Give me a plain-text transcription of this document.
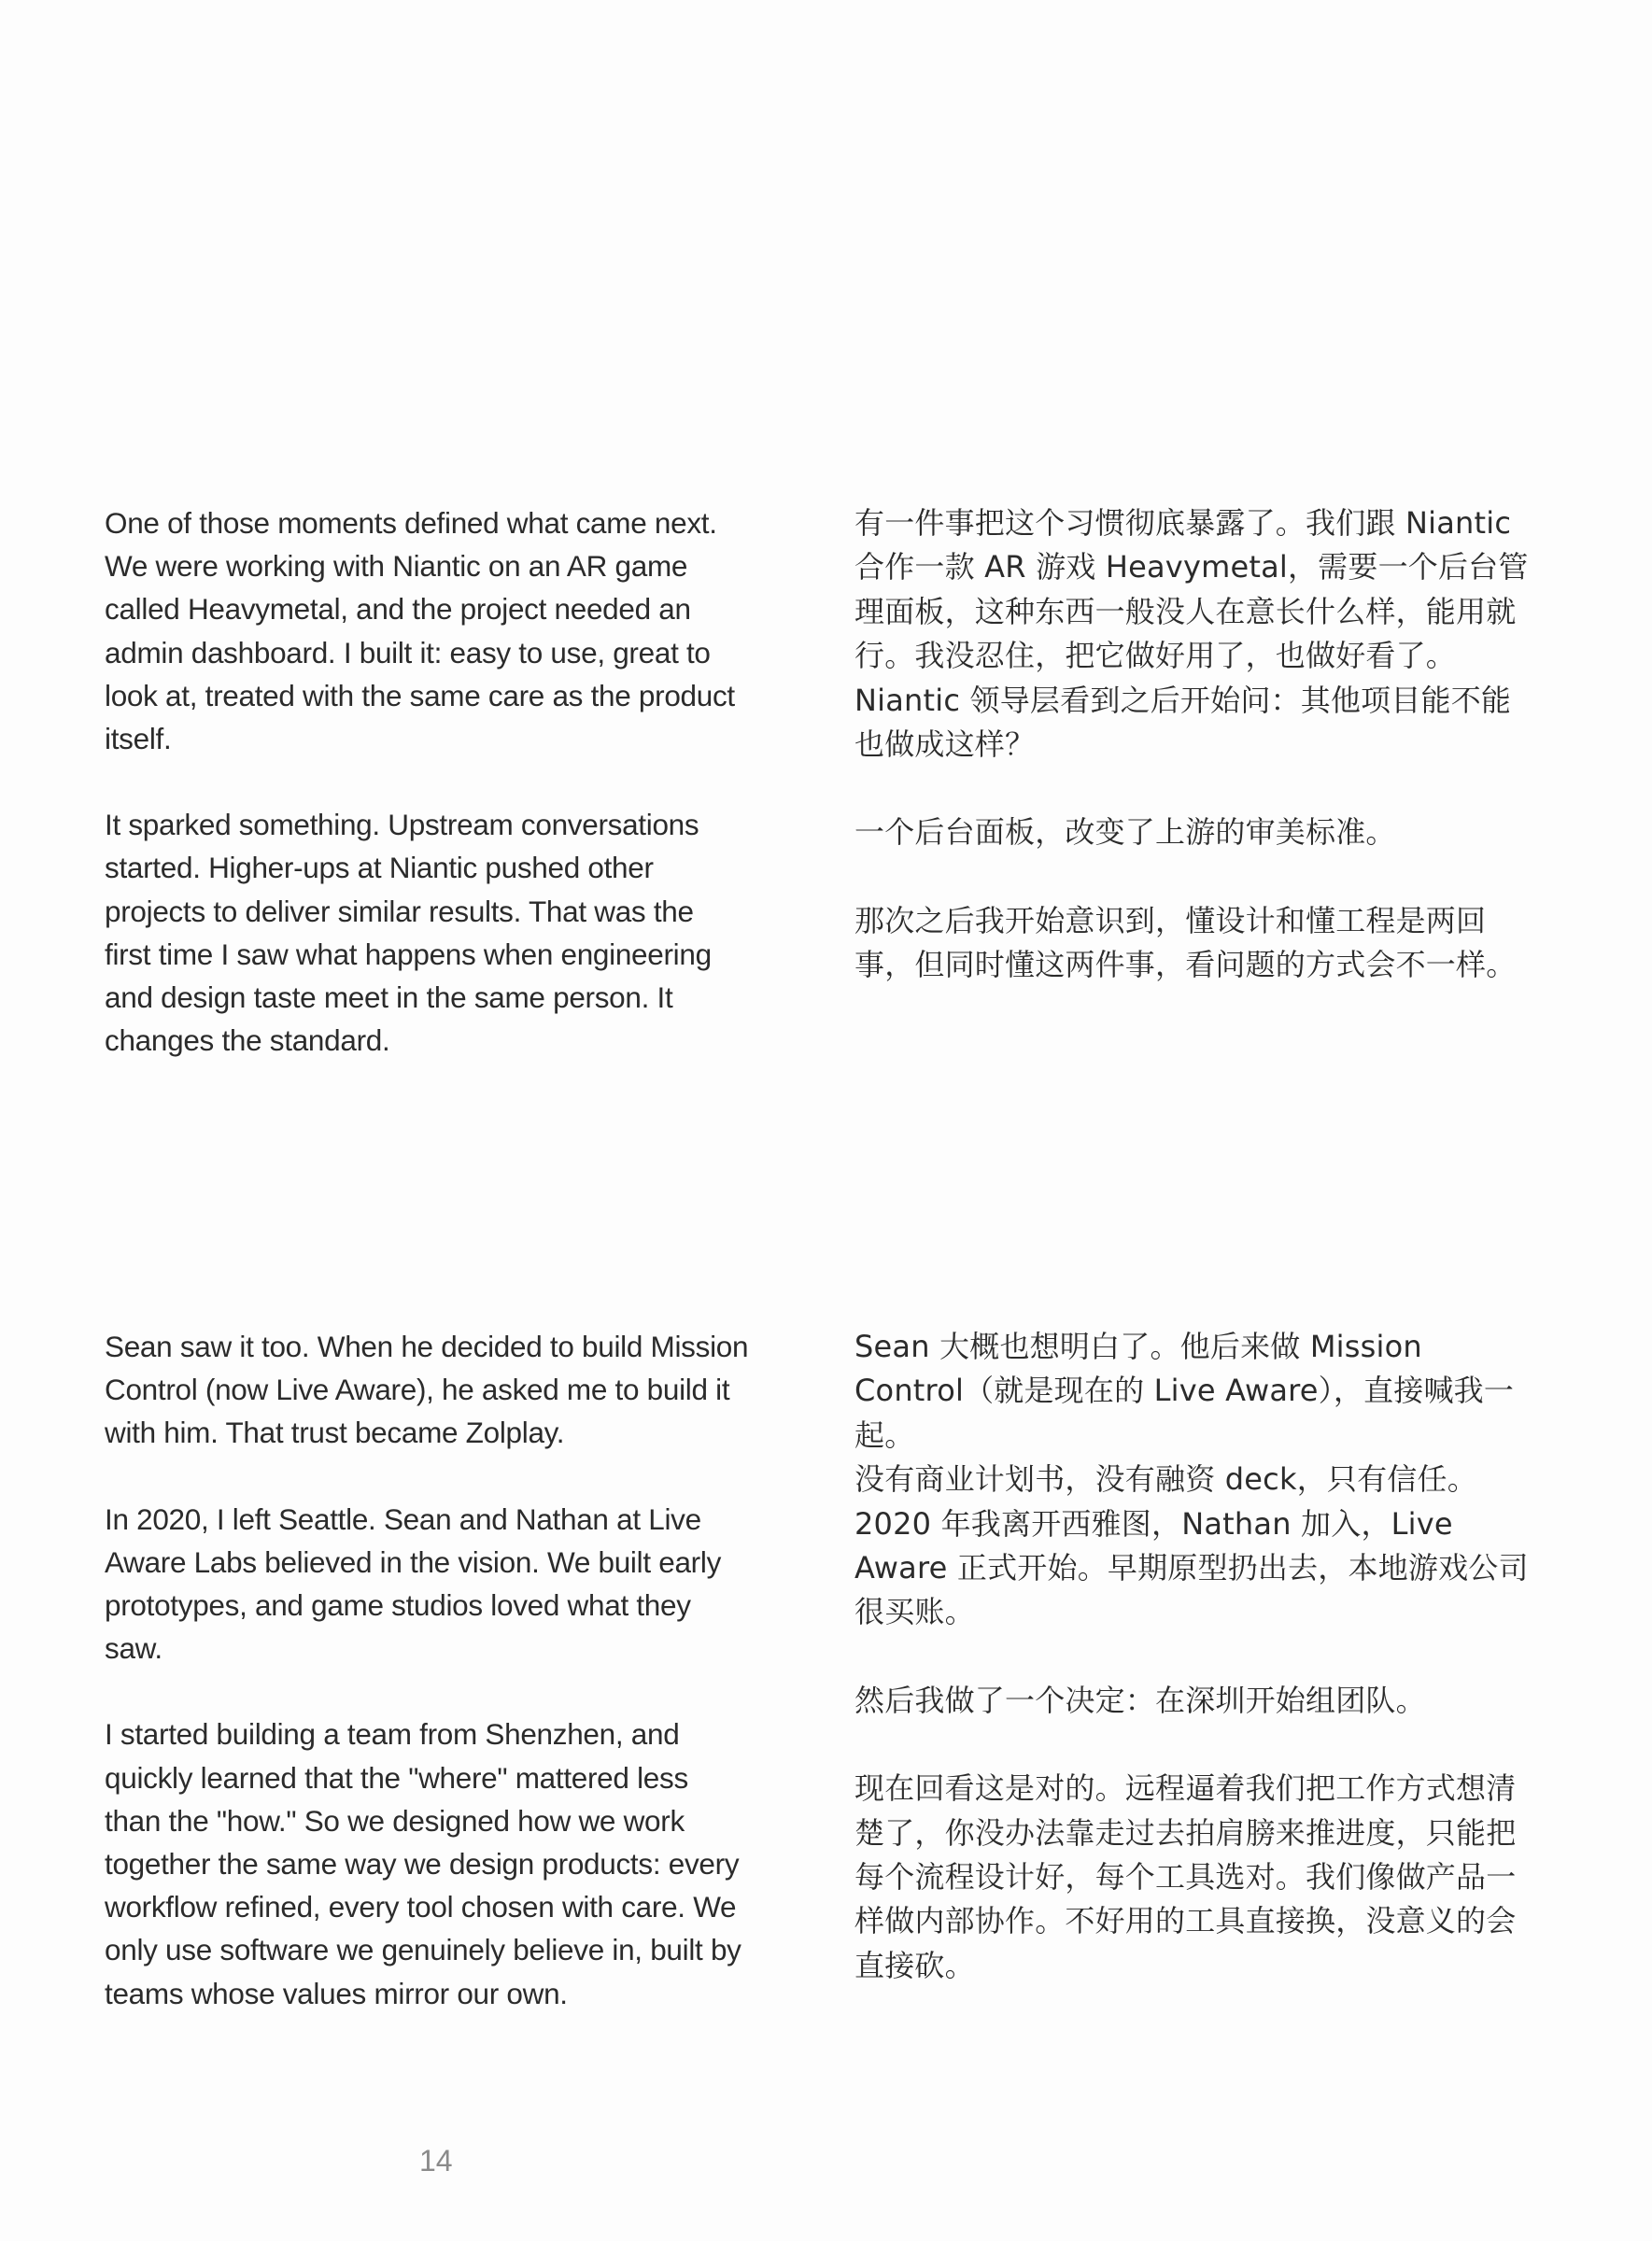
One of those moments defined what came next.
We were working with Niantic on an AR game
called Heavymetal, and the project needed an
admin dashboard. I built it: easy to use, great to
look at, treated with the same care as the product
itself.

It sparked something. Upstream conversations
started. Higher-ups at Niantic pushed other
projects to deliver similar results. That was the
first time I saw what happens when engineering
and design taste meet in the same person. It
changes the standard.

有一件事把这个习惯彻底暴露了。我们跟 Niantic
合作一款 AR 游戏 Heavymetal，需要一个后台管
理面板，这种东西一般没人在意长什么样，能用就
行。我没忍住，把它做好用了，也做好看了。
Niantic 领导层看到之后开始问：其他项目能不能
也做成这样？

一个后台面板，改变了上游的审美标准。

那次之后我开始意识到，懂设计和懂工程是两回
事，但同时懂这两件事，看问题的方式会不一样。

Sean saw it too. When he decided to build Mission
Control (now Live Aware), he asked me to build it
with him. That trust became Zolplay.

In 2020, I left Seattle. Sean and Nathan at Live
Aware Labs believed in the vision. We built early
prototypes, and game studios loved what they
saw.

I started building a team from Shenzhen, and
quickly learned that the "where" mattered less
than the "how." So we designed how we work
together the same way we design products: every
workflow refined, every tool chosen with care. We
only use software we genuinely believe in, built by
teams whose values mirror our own.

Sean 大概也想明白了。他后来做 Mission
Control（就是现在的 Live Aware），直接喊我一
起。

没有商业计划书，没有融资 deck，只有信任。

2020 年我离开西雅图，Nathan 加入，Live
Aware 正式开始。早期原型扔出去，本地游戏公司
很买账。

然后我做了一个决定：在深圳开始组团队。

现在回看这是对的。远程逼着我们把工作方式想清
楚了，你没办法靠走过去拍肩膀来推进度，只能把
每个流程设计好，每个工具选对。我们像做产品一
样做内部协作。不好用的工具直接换，没意义的会
直接砍。

14
